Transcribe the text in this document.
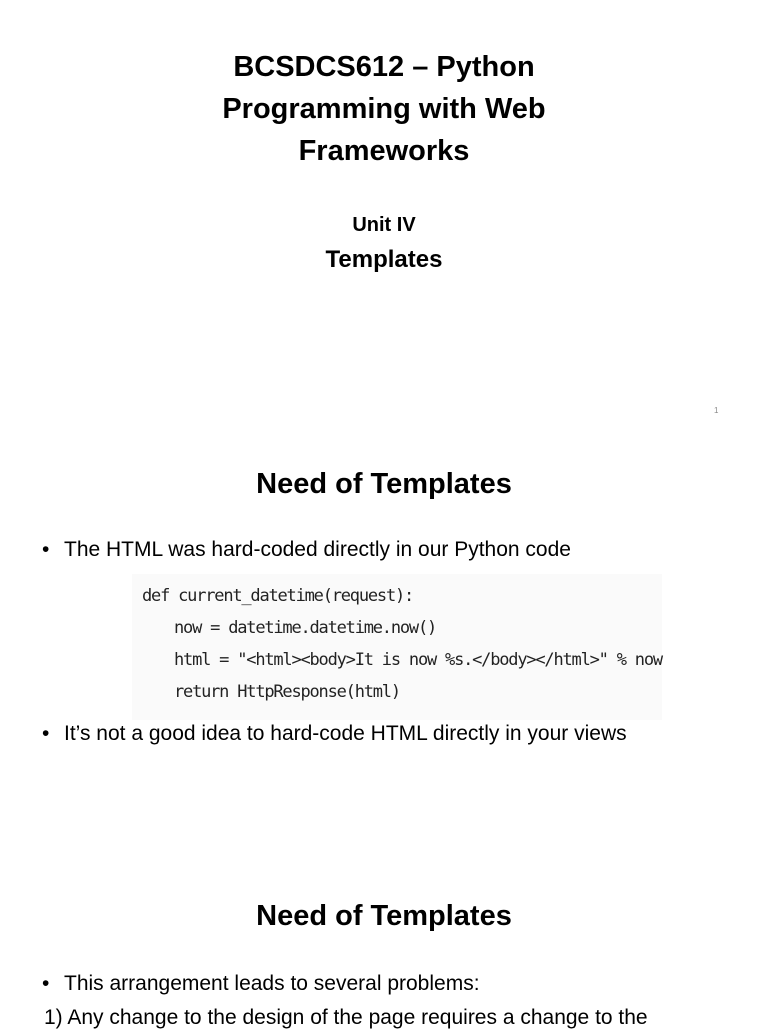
BCSDCS612 – Python
Programming with Web
Frameworks
Unit IV
Templates
1
Need of Templates
• The HTML was hard-coded directly in our Python code
def current_datetime(request):
now = datetime.datetime.now()
html = "<html><body>It is now %s.</body></html>" % now
return HttpResponse(html)
• It’s not a good idea to hard-code HTML directly in your views
Need of Templates
• This arrangement leads to several problems:
1) Any change to the design of the page requires a change to the
